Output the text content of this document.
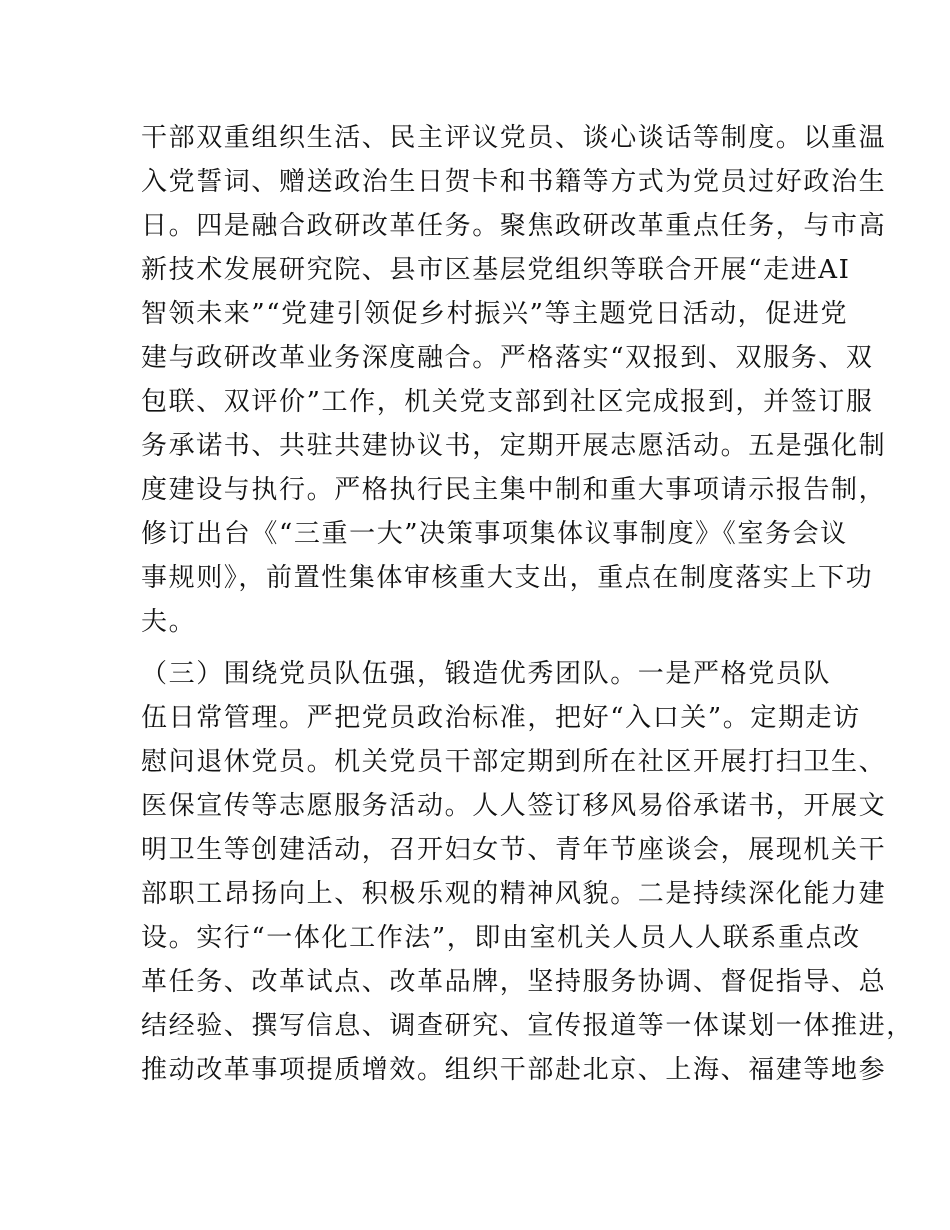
干部双重组织生活、民主评议党员、谈心谈话等制度。以重温
入党誓词、赠送政治生日贺卡和书籍等方式为党员过好政治生
日。四是融合政研改革任务。聚焦政研改革重点任务，与市高
新技术发展研究院、县市区基层党组织等联合开展“走进AI
智领未来”“党建引领促乡村振兴”等主题党日活动，促进党
建与政研改革业务深度融合。严格落实“双报到、双服务、双
包联、双评价”工作，机关党支部到社区完成报到，并签订服
务承诺书、共驻共建协议书，定期开展志愿活动。五是强化制
度建设与执行。严格执行民主集中制和重大事项请示报告制，
修订出台《“三重一大”决策事项集体议事制度》《室务会议
事规则》，前置性集体审核重大支出，重点在制度落实上下功
夫。
（三）围绕党员队伍强，锻造优秀团队。一是严格党员队
伍日常管理。严把党员政治标准，把好“入口关”。定期走访
慰问退休党员。机关党员干部定期到所在社区开展打扫卫生、
医保宣传等志愿服务活动。人人签订移风易俗承诺书，开展文
明卫生等创建活动，召开妇女节、青年节座谈会，展现机关干
部职工昂扬向上、积极乐观的精神风貌。二是持续深化能力建
设。实行“一体化工作法”，即由室机关人员人人联系重点改
革任务、改革试点、改革品牌，坚持服务协调、督促指导、总
结经验、撰写信息、调查研究、宣传报道等一体谋划一体推进，
推动改革事项提质增效。组织干部赴北京、上海、福建等地参
